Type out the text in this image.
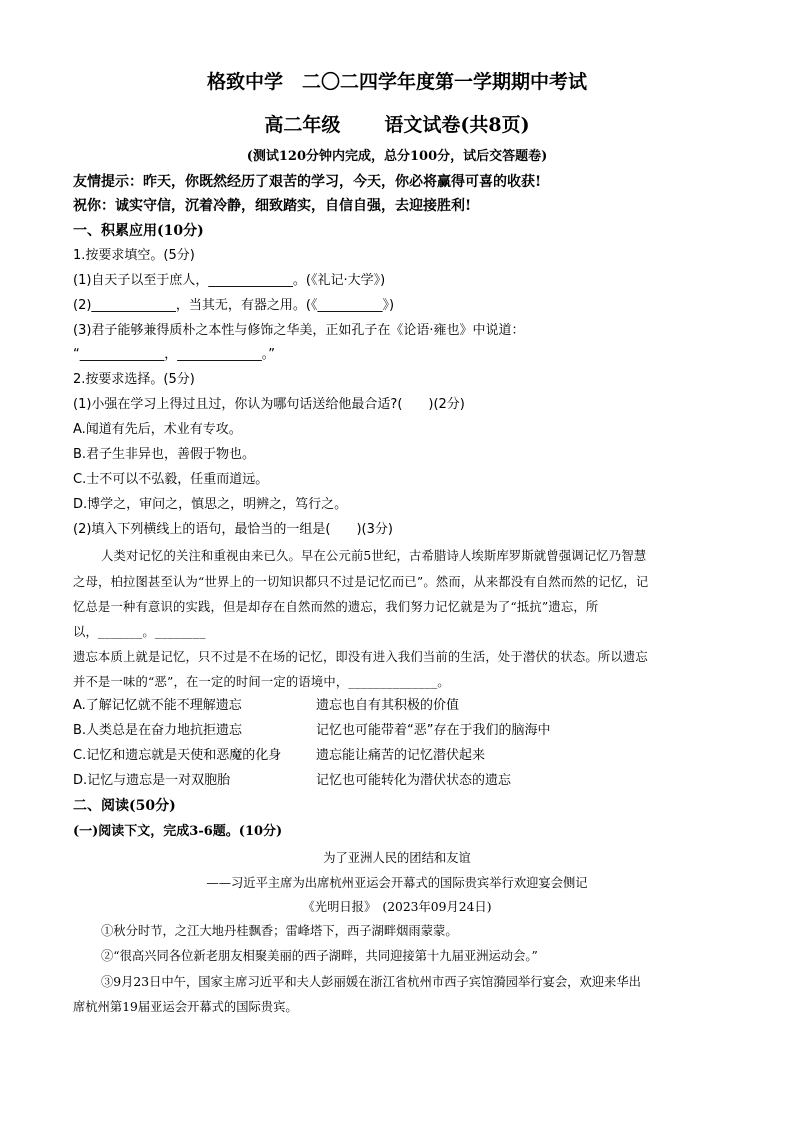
格致中学　二〇二四学年度第一学期期中考试
高二年级 语文试卷(共8页)
(测试120分钟内完成，总分100分，试后交答题卷)
友情提示：昨天，你既然经历了艰苦的学习，今天，你必将赢得可喜的收获!
祝你：诚实守信，沉着冷静，细致踏实，自信自强，去迎接胜利!
一、积累应用(10分)
1.按要求填空。(5分)
(1)自天子以至于庶人，_____________。(《礼记·大学》)
(2)_____________，当其无，有器之用。(《__________》)
(3)君子能够兼得质朴之本性与修饰之华美，正如孔子在《论语·雍也》中说道：
“_____________，_____________。”
2.按要求选择。(5分)
(1)小强在学习上得过且过，你认为哪句话送给他最合适?(　　)(2分)
A.闻道有先后，术业有专攻。
B.君子生非异也，善假于物也。
C.士不可以不弘毅，任重而道远。
D.博学之，审问之，慎思之，明辨之，笃行之。
(2)填入下列横线上的语句，最恰当的一组是(　　)(3分)
人类对记忆的关注和重视由来已久。早在公元前5世纪，古希腊诗人埃斯库罗斯就曾强调记忆乃智慧
之母，柏拉图甚至认为“世界上的一切知识都只不过是记忆而已”。然而，从来都没有自然而然的记忆，记
忆总是一种有意识的实践，但是却存在自然而然的遗忘，我们努力记忆就是为了“抵抗”遗忘，所
以，_______。________
遗忘本质上就是记忆，只不过是不在场的记忆，即没有进入我们当前的生活，处于潜伏的状态。所以遗忘
并不是一味的“恶”，在一定的时间一定的语境中，______________。
A.了解记忆就不能不理解遗忘	遗忘也自有其积极的价值
B.人类总是在奋力地抗拒遗忘	记忆也可能带着“恶”存在于我们的脑海中
C.记忆和遗忘就是天使和恶魔的化身	遗忘能让痛苦的记忆潜伏起来
D.记忆与遗忘是一对双胞胎	记忆也可能转化为潜伏状态的遗忘
二、阅读(50分)
(一)阅读下文，完成3-6题。(10分)
为了亚洲人民的团结和友谊
——习近平主席为出席杭州亚运会开幕式的国际贵宾举行欢迎宴会侧记
《光明日报》　(2023年09月24日)
①秋分时节，之江大地丹桂飘香；雷峰塔下，西子湖畔烟雨蒙蒙。
②“很高兴同各位新老朋友相聚美丽的西子湖畔，共同迎接第十九届亚洲运动会。”
③9月23日中午，国家主席习近平和夫人彭丽媛在浙江省杭州市西子宾馆漪园举行宴会，欢迎来华出
席杭州第19届亚运会开幕式的国际贵宾。
